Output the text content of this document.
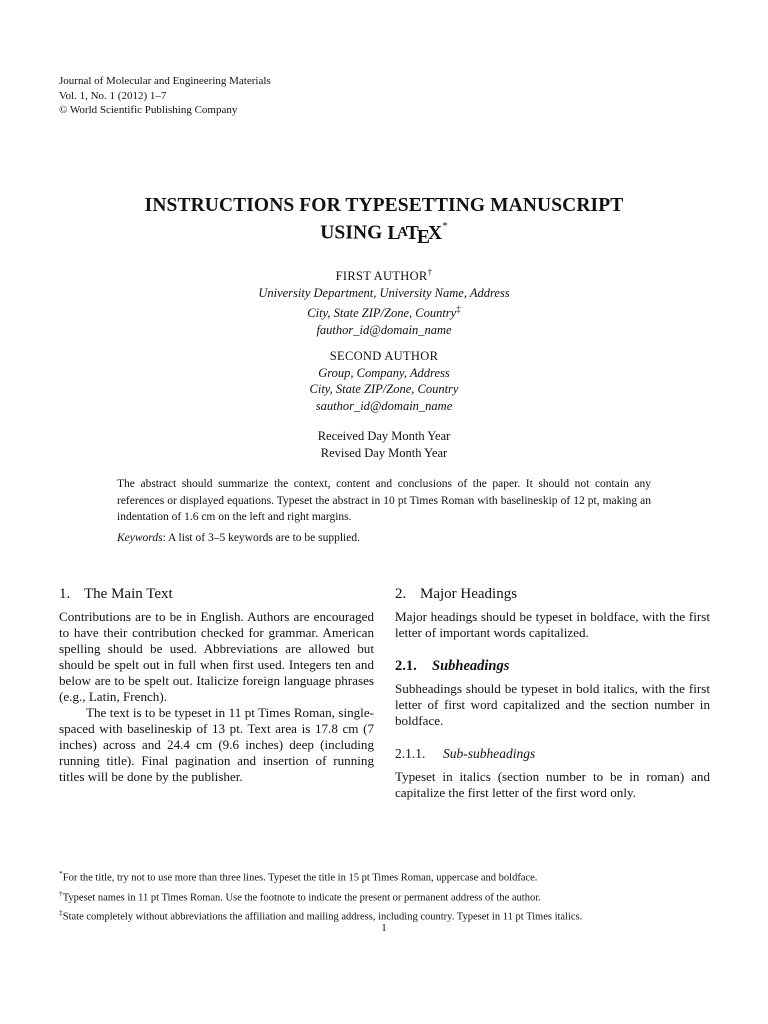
Journal of Molecular and Engineering Materials
Vol. 1, No. 1 (2012) 1–7
© World Scientific Publishing Company
INSTRUCTIONS FOR TYPESETTING MANUSCRIPT
USING LATEX*
FIRST AUTHOR†
University Department, University Name, Address
City, State ZIP/Zone, Country‡
fauthor_id@domain_name
SECOND AUTHOR
Group, Company, Address
City, State ZIP/Zone, Country
sauthor_id@domain_name
Received Day Month Year
Revised Day Month Year
The abstract should summarize the context, content and conclusions of the paper. It should not contain any references or displayed equations. Typeset the abstract in 10 pt Times Roman with baselineskip of 12 pt, making an indentation of 1.6 cm on the left and right margins.
Keywords: A list of 3–5 keywords are to be supplied.
1. The Main Text

Contributions are to be in English. Authors are encouraged to have their contribution checked for grammar. American spelling should be used. Abbreviations are allowed but should be spelt out in full when first used. Integers ten and below are to be spelt out. Italicize foreign language phrases (e.g., Latin, French).

The text is to be typeset in 11 pt Times Roman, single-spaced with baselineskip of 13 pt. Text area is 17.8 cm (7 inches) across and 24.4 cm (9.6 inches) deep (including running title). Final pagination and insertion of running titles will be done by the publisher.

2. Major Headings

Major headings should be typeset in boldface, with the first letter of important words capitalized.

2.1. Subheadings

Subheadings should be typeset in bold italics, with the first letter of first word capitalized and the section number in boldface.

2.1.1. Sub-subheadings

Typeset in italics (section number to be in roman) and capitalize the first letter of the first word only.

*For the title, try not to use more than three lines. Typeset the title in 15 pt Times Roman, uppercase and boldface.
†Typeset names in 11 pt Times Roman. Use the footnote to indicate the present or permanent address of the author.
‡State completely without abbreviations the affiliation and mailing address, including country. Typeset in 11 pt Times italics.
1
